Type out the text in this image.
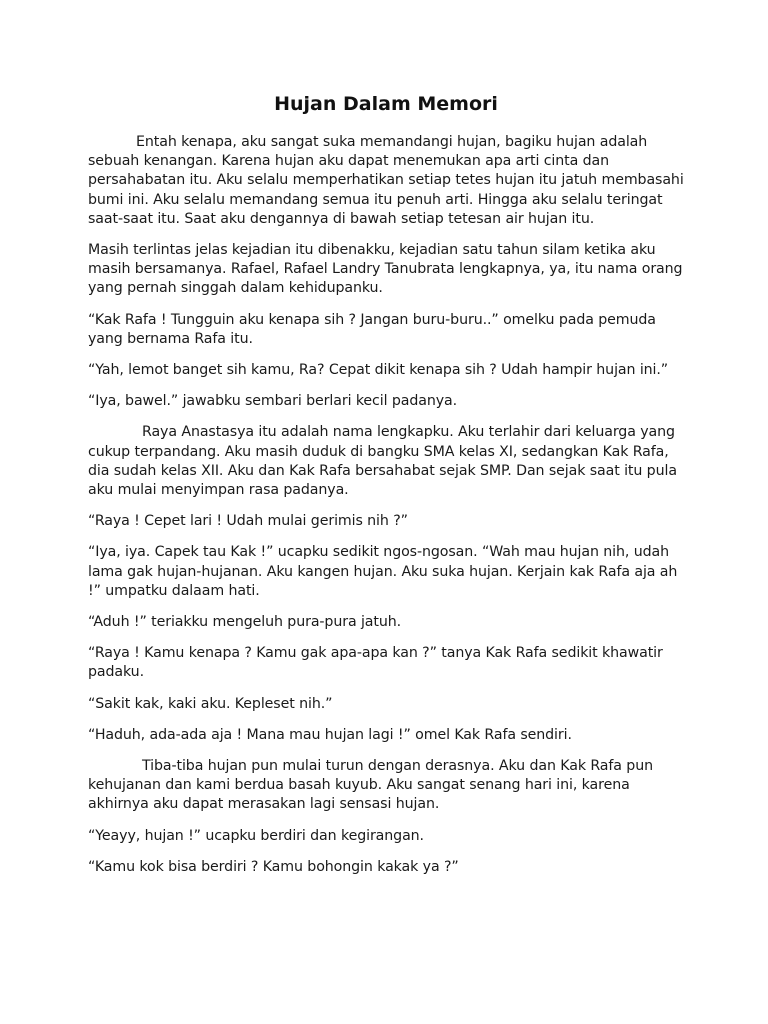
Hujan Dalam Memori

Entah kenapa, aku sangat suka memandangi hujan, bagiku hujan adalah sebuah kenangan. Karena hujan aku dapat menemukan apa arti cinta dan persahabatan itu. Aku selalu memperhatikan setiap tetes hujan itu jatuh membasahi bumi ini. Aku selalu memandang semua itu penuh arti. Hingga aku selalu teringat saat-saat itu. Saat aku dengannya di bawah setiap tetesan air hujan itu.

Masih terlintas jelas kejadian itu dibenakku, kejadian satu tahun silam ketika aku masih bersamanya. Rafael, Rafael Landry Tanubrata lengkapnya, ya, itu nama orang yang pernah singgah dalam kehidupanku.

“Kak Rafa ! Tungguin aku kenapa sih ? Jangan buru-buru..” omelku pada pemuda yang bernama Rafa itu.

“Yah, lemot banget sih kamu, Ra? Cepat dikit kenapa sih ? Udah hampir hujan ini.”

“Iya, bawel.” jawabku sembari berlari kecil padanya.

Raya Anastasya itu adalah nama lengkapku. Aku terlahir dari keluarga yang cukup terpandang. Aku masih duduk di bangku SMA kelas XI, sedangkan Kak Rafa, dia sudah kelas XII. Aku dan Kak Rafa bersahabat sejak SMP. Dan sejak saat itu pula aku mulai menyimpan rasa padanya.

“Raya ! Cepet lari ! Udah mulai gerimis nih ?”

“Iya, iya. Capek tau Kak !” ucapku sedikit ngos-ngosan. “Wah mau hujan nih, udah lama gak hujan-hujanan. Aku kangen hujan. Aku suka hujan. Kerjain kak Rafa aja ah !” umpatku dalaam hati.

“Aduh !” teriakku mengeluh pura-pura jatuh.

“Raya ! Kamu kenapa ? Kamu gak apa-apa kan ?” tanya Kak Rafa sedikit khawatir padaku.

“Sakit kak, kaki aku. Kepleset nih.”

“Haduh, ada-ada aja ! Mana mau hujan lagi !” omel Kak Rafa sendiri.

Tiba-tiba hujan pun mulai turun dengan derasnya. Aku dan Kak Rafa pun kehujanan dan kami berdua basah kuyub. Aku sangat senang hari ini, karena akhirnya aku dapat merasakan lagi sensasi hujan.

“Yeayy, hujan !” ucapku berdiri dan kegirangan.

“Kamu kok bisa berdiri ? Kamu bohongin kakak ya ?”
